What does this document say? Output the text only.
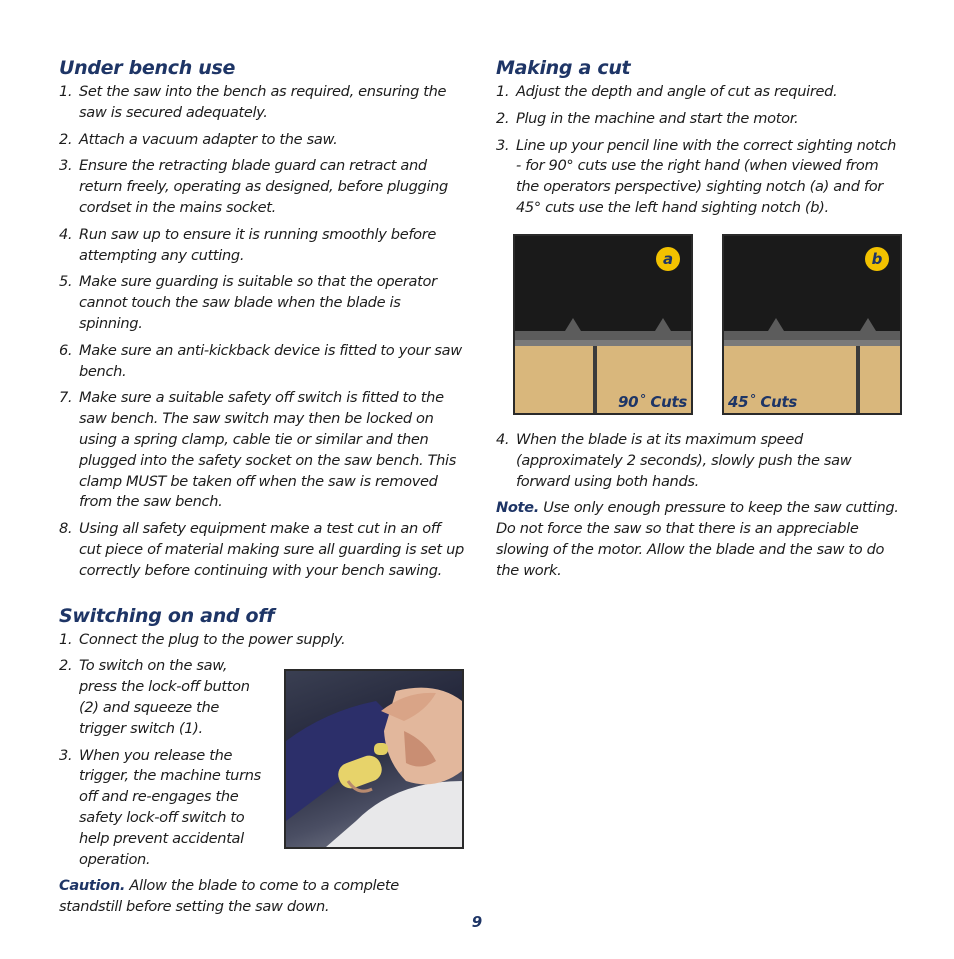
Under bench use
1. Set the saw into the bench as required, ensuring the saw is secured adequately.
2. Attach a vacuum adapter to the saw.
3. Ensure the retracting blade guard can retract and return freely, operating as designed, before plugging cordset in the mains socket.
4. Run saw up to ensure it is running smoothly before attempting any cutting.
5. Make sure guarding is suitable so that the operator cannot touch the saw blade when the blade is spinning.
6. Make sure an anti-kickback device is fitted to your saw bench.
7. Make sure a suitable safety off switch is fitted to the saw bench. The saw switch may then be locked on using a spring clamp, cable tie or similar and then plugged into the safety socket on the saw bench. This clamp MUST be taken off when the saw is removed from the saw bench.
8. Using all safety equipment make a test cut in an off cut piece of material making sure all guarding is set up correctly before continuing with your bench sawing.
Switching on and off
1. Connect the plug to the power supply.
2. To switch on the saw, press the lock-off button (2) and squeeze the trigger switch (1).
3. When you release the trigger, the machine turns off and re-engages the safety lock-off switch to help prevent accidental operation.

Caution. Allow the blade to come to a complete standstill before setting the saw down.

Making a cut
1. Adjust the depth and angle of cut as required.
2. Plug in the machine and start the motor.
3. Line up your pencil line with the correct sighting notch - for 90° cuts use the right hand (when viewed from the operators perspective) sighting notch (a) and for 45° cuts use the left hand sighting notch (b).
a
90˚ Cuts
b
45˚ Cuts
4. When the blade is at its maximum speed (approximately 2 seconds), slowly push the saw forward using both hands.

Note. Use only enough pressure to keep the saw cutting. Do not force the saw so that there is an appreciable slowing of the motor. Allow the blade and the saw to do the work.

9
